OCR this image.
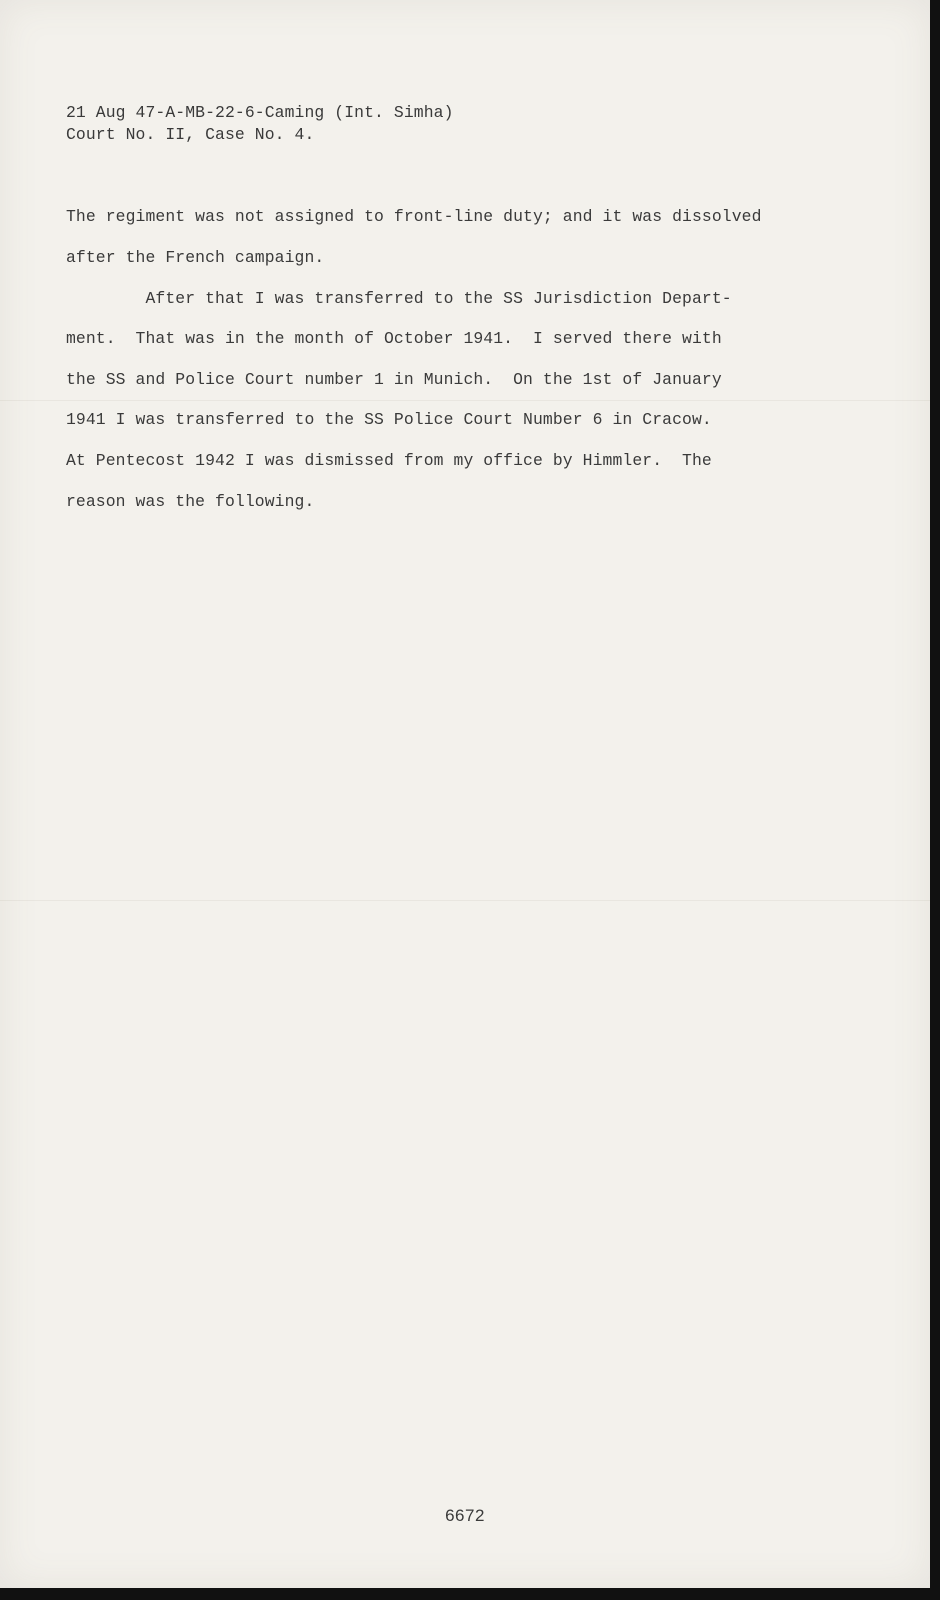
21 Aug 47-A-MB-22-6-Caming (Int. Simha)
Court No. II, Case No. 4.
The regiment was not assigned to front-line duty; and it was dissolved
after the French campaign.
After that I was transferred to the SS Jurisdiction Depart-
ment.  That was in the month of October 1941.  I served there with
the SS and Police Court number 1 in Munich.  On the 1st of January
1941 I was transferred to the SS Police Court Number 6 in Cracow.
At Pentecost 1942 I was dismissed from my office by Himmler.  The
reason was the following.
6672
